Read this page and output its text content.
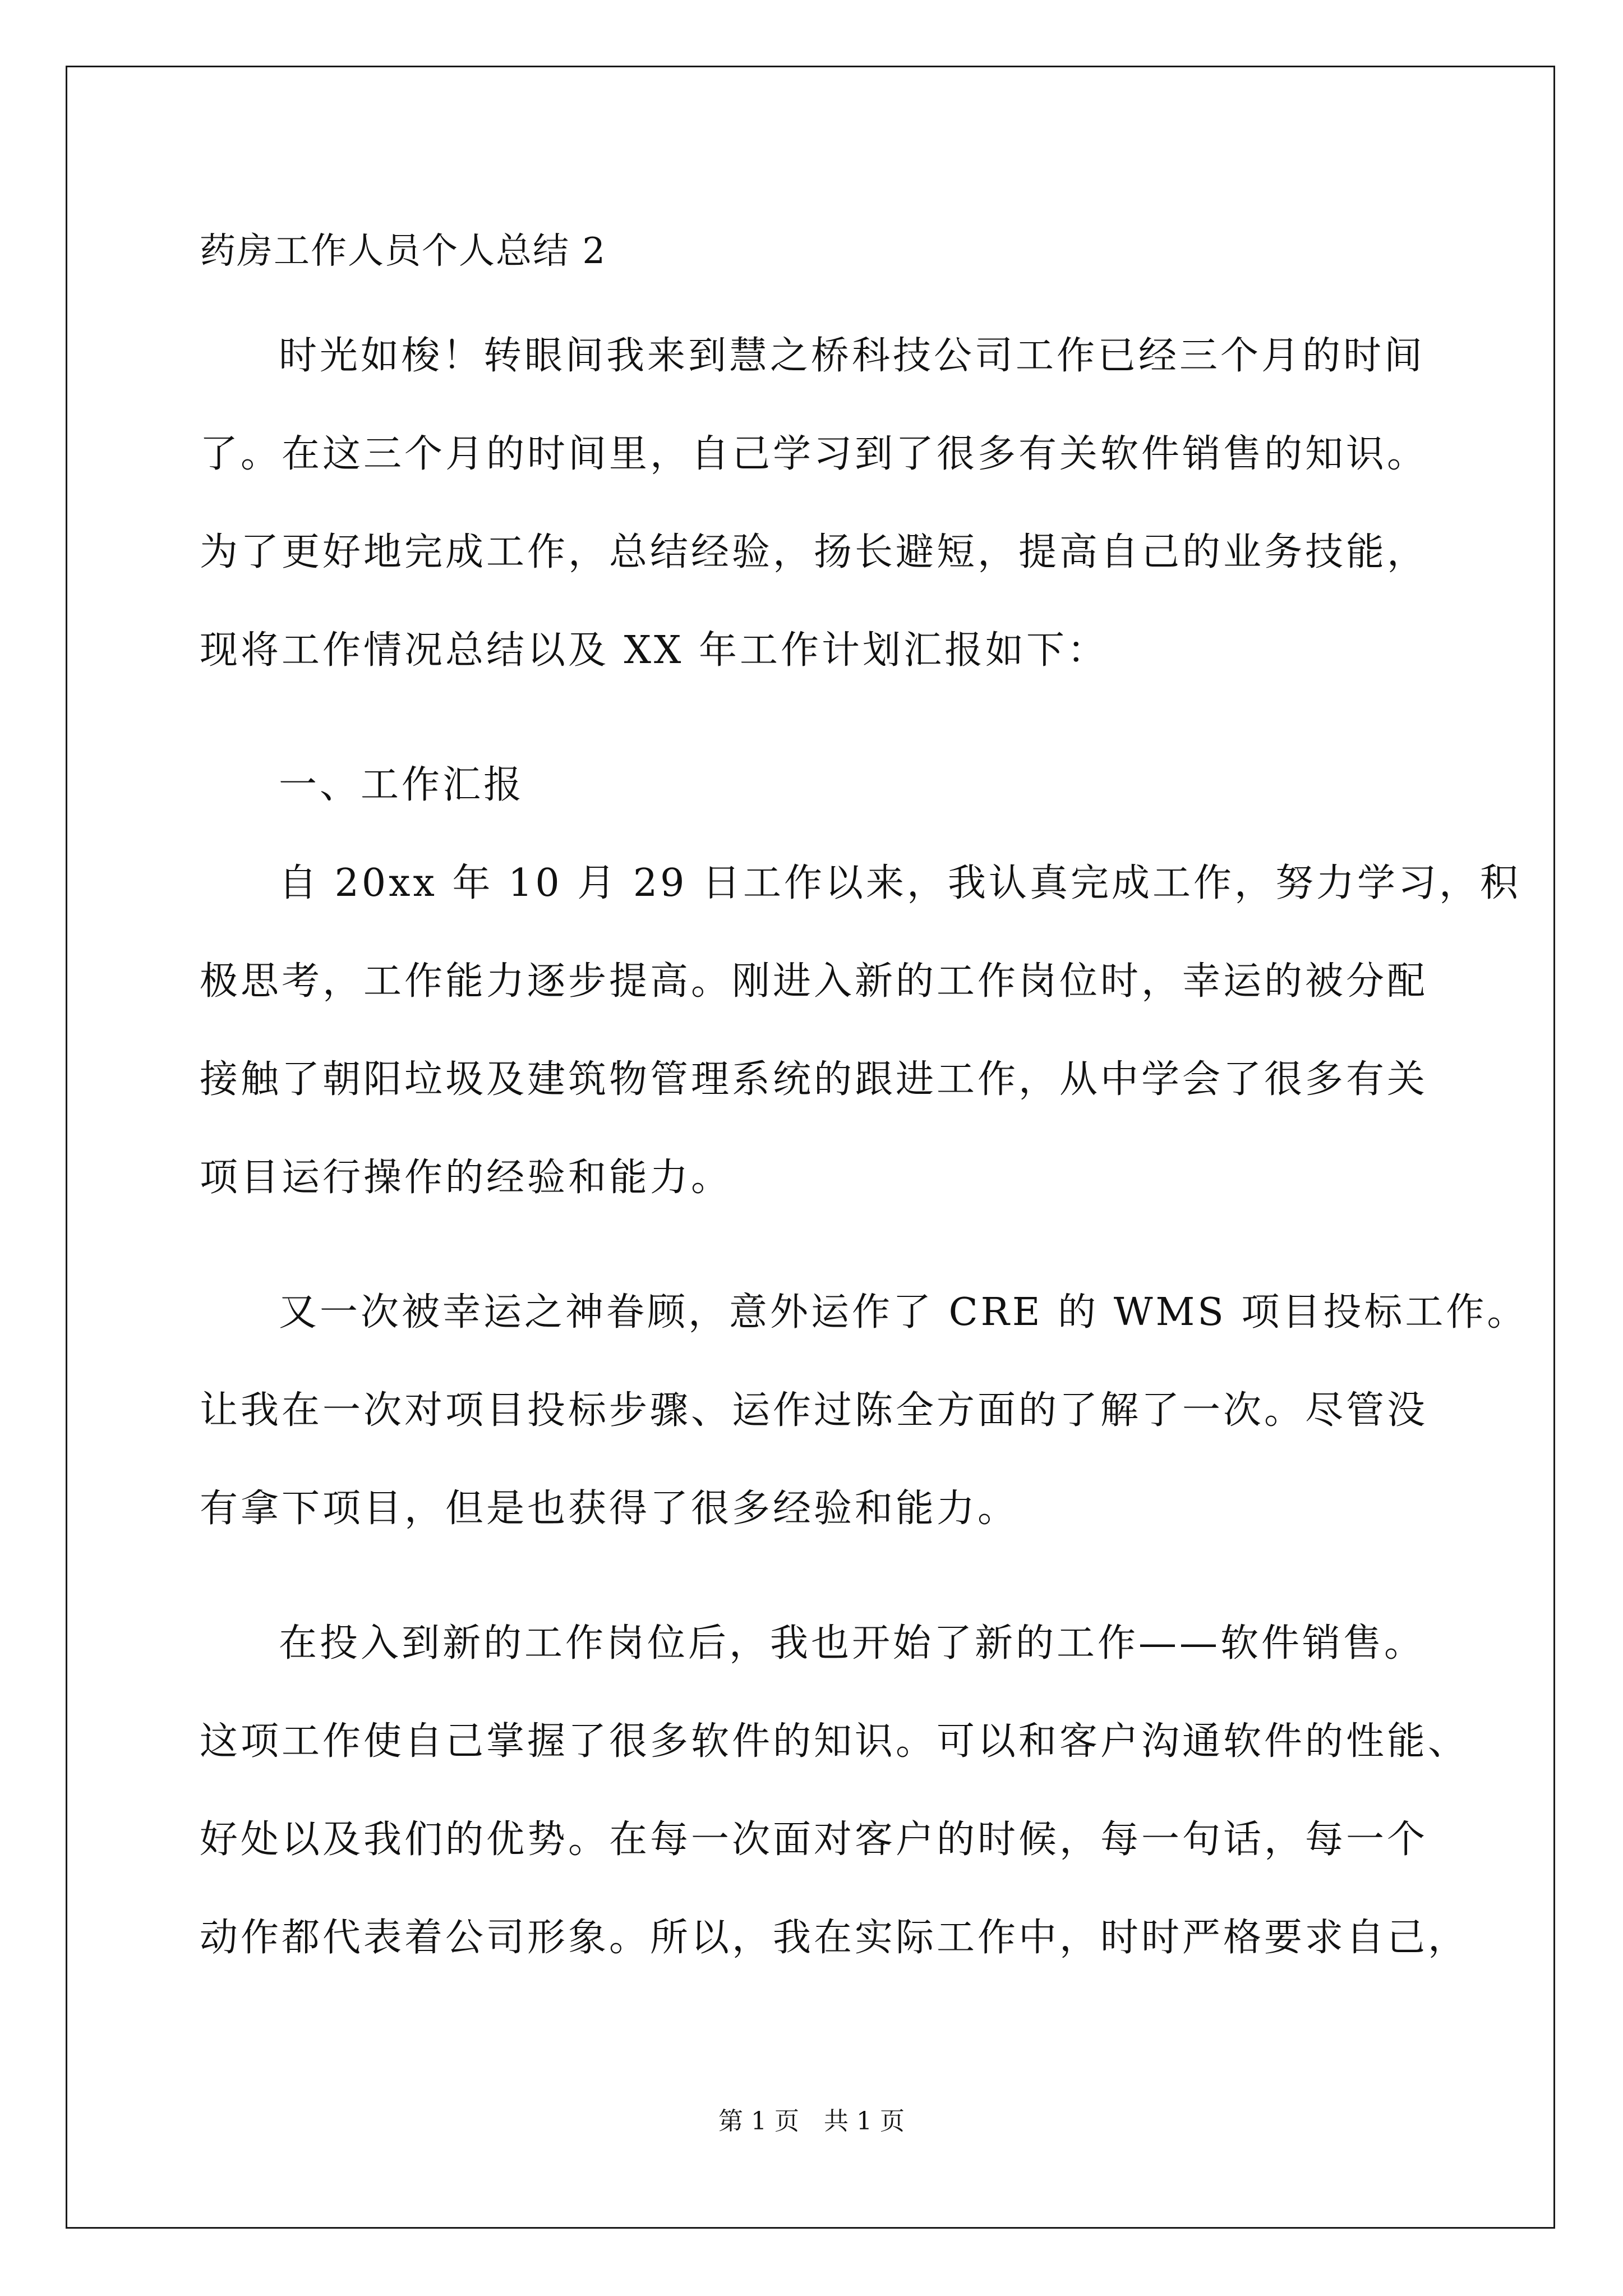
药房工作人员个人总结 2
时光如梭！转眼间我来到慧之桥科技公司工作已经三个月的时间
了。在这三个月的时间里，自己学习到了很多有关软件销售的知识。
为了更好地完成工作，总结经验，扬长避短，提高自己的业务技能，
现将工作情况总结以及 XX 年工作计划汇报如下：
一、工作汇报
自 20xx 年 10 月 29 日工作以来，我认真完成工作，努力学习，积
极思考，工作能力逐步提高。刚进入新的工作岗位时，幸运的被分配
接触了朝阳垃圾及建筑物管理系统的跟进工作，从中学会了很多有关
项目运行操作的经验和能力。
又一次被幸运之神眷顾，意外运作了 CRE 的 WMS 项目投标工作。
让我在一次对项目投标步骤、运作过陈全方面的了解了一次。尽管没
有拿下项目，但是也获得了很多经验和能力。
在投入到新的工作岗位后，我也开始了新的工作——软件销售。
这项工作使自己掌握了很多软件的知识。可以和客户沟通软件的性能、
好处以及我们的优势。在每一次面对客户的时候，每一句话，每一个
动作都代表着公司形象。所以，我在实际工作中，时时严格要求自己，
第 1 页　共 1 页
